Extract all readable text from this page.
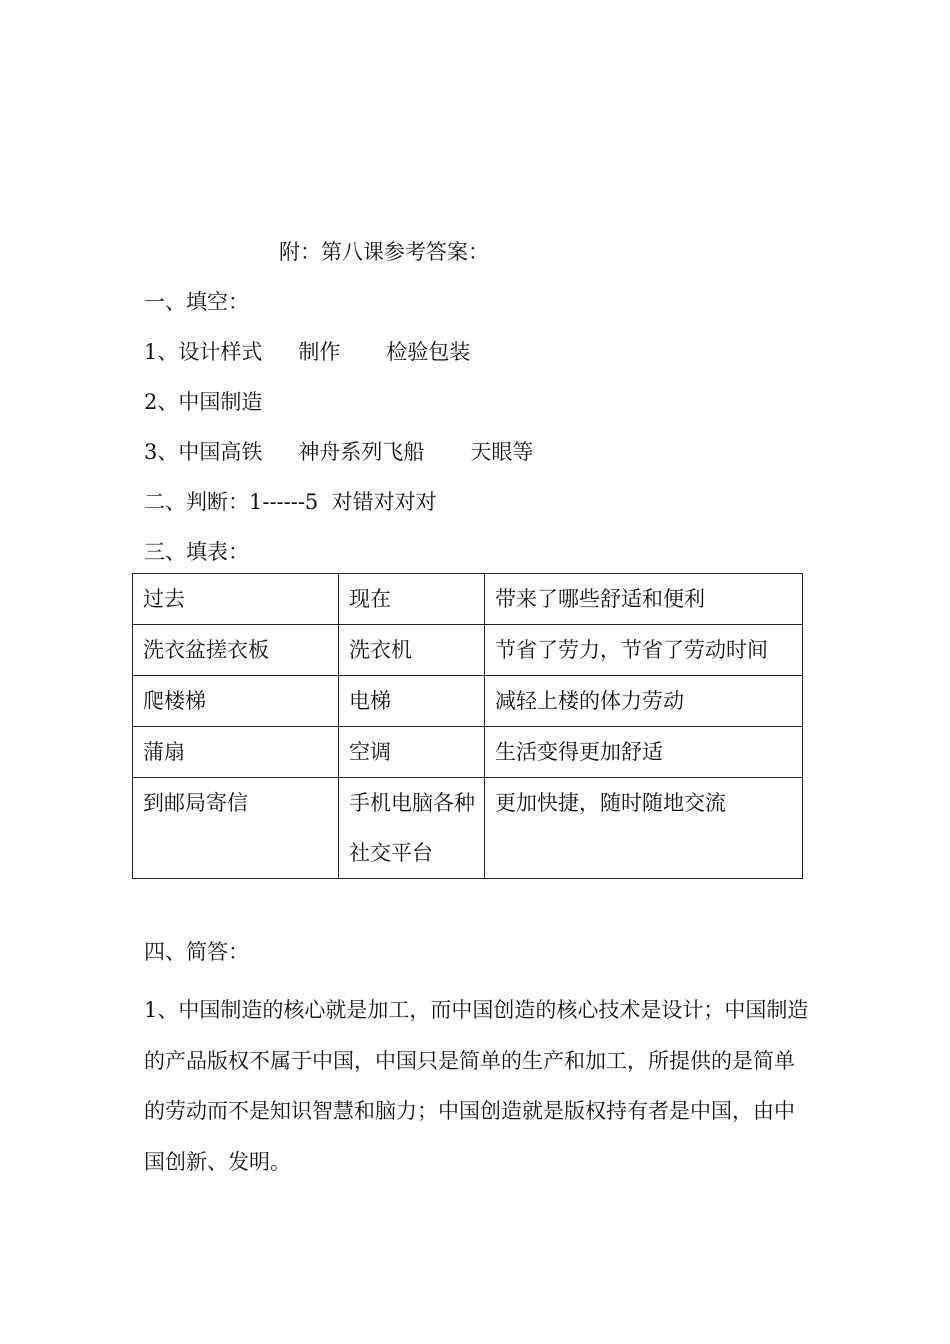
附：第八课参考答案：
一、填空：
1、设计样式 制作 检验包装
2、中国制造
3、中国高铁 神舟系列飞船 天眼等
二、判断：1------5  对错对对对
三、填表：
过去	现在	带来了哪些舒适和便利
洗衣盆搓衣板	洗衣机	节省了劳力，节省了劳动时间
爬楼梯	电梯	减轻上楼的体力劳动
蒲扇	空调	生活变得更加舒适
到邮局寄信	手机电脑各种社交平台	更加快捷，随时随地交流
四、简答：
1、中国制造的核心就是加工，而中国创造的核心技术是设计；中国制造的产品版权不属于中国，中国只是简单的生产和加工，所提供的是简单的劳动而不是知识智慧和脑力；中国创造就是版权持有者是中国，由中国创新、发明。
